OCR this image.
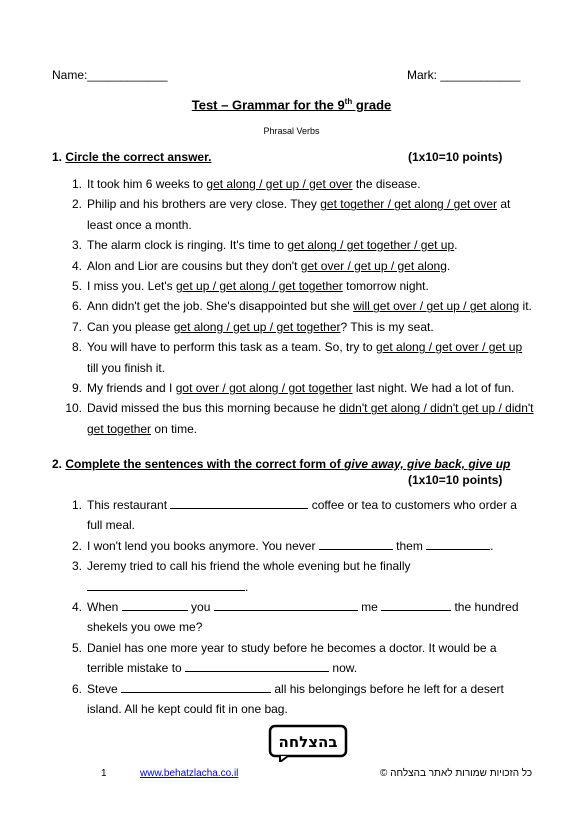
Name:____________	Mark: ____________
Test – Grammar for the 9th grade
Phrasal Verbs
1. Circle the correct answer.	(1x10=10 points)
1. It took him 6 weeks to get along / get up / get over the disease.
2. Philip and his brothers are very close. They get together / get along / get over at least once a month.
3. The alarm clock is ringing. It's time to get along / get together / get up.
4. Alon and Lior are cousins but they don't get over / get up / get along.
5. I miss you. Let's get up / get along / get together tomorrow night.
6. Ann didn't get the job. She's disappointed but she will get over / get up / get along it.
7. Can you please get along / get up / get together? This is my seat.
8. You will have to perform this task as a team. So, try to get along / get over / get up till you finish it.
9. My friends and I got over / got along / got together last night. We had a lot of fun.
10. David missed the bus this morning because he didn't get along / didn't get up / didn't get together on time.
2. Complete the sentences with the correct form of give away, give back, give up
(1x10=10 points)
1. This restaurant	coffee or tea to customers who order a full meal.
2. I won't lend you books anymore. You never	them	.
3. Jeremy tried to call his friend the whole evening but he finally .
4. When	you	me	the hundred shekels you owe me?
5. Daniel has one more year to study before he becomes a doctor. It would be a terrible mistake to	now.
6. Steve	all his belongings before he left for a desert island. All he kept could fit in one bag.
בהצלחה
1	www.behatzlacha.co.il	כל הזכויות שמורות לאתר בהצלחה ©
